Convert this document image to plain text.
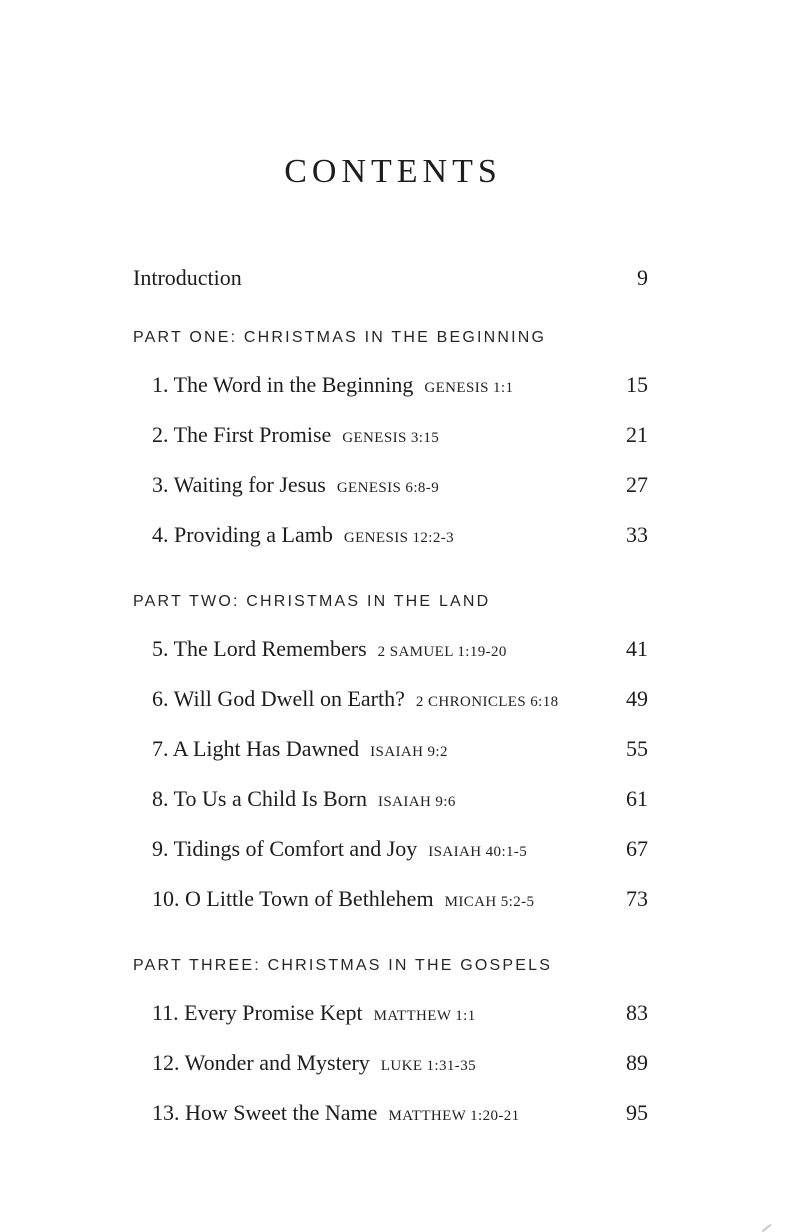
CONTENTS
Introduction	9
PART ONE: CHRISTMAS IN THE BEGINNING
1. The Word in the Beginning GENESIS 1:1	15
2. The First Promise GENESIS 3:15	21
3. Waiting for Jesus GENESIS 6:8-9	27
4. Providing a Lamb GENESIS 12:2-3	33
PART TWO: CHRISTMAS IN THE LAND
5. The Lord Remembers 2 SAMUEL 1:19-20	41
6. Will God Dwell on Earth? 2 CHRONICLES 6:18	49
7. A Light Has Dawned ISAIAH 9:2	55
8. To Us a Child Is Born ISAIAH 9:6	61
9. Tidings of Comfort and Joy ISAIAH 40:1-5	67
10. O Little Town of Bethlehem MICAH 5:2-5	73
PART THREE: CHRISTMAS IN THE GOSPELS
11. Every Promise Kept MATTHEW 1:1	83
12. Wonder and Mystery LUKE 1:31-35	89
13. How Sweet the Name MATTHEW 1:20-21	95
